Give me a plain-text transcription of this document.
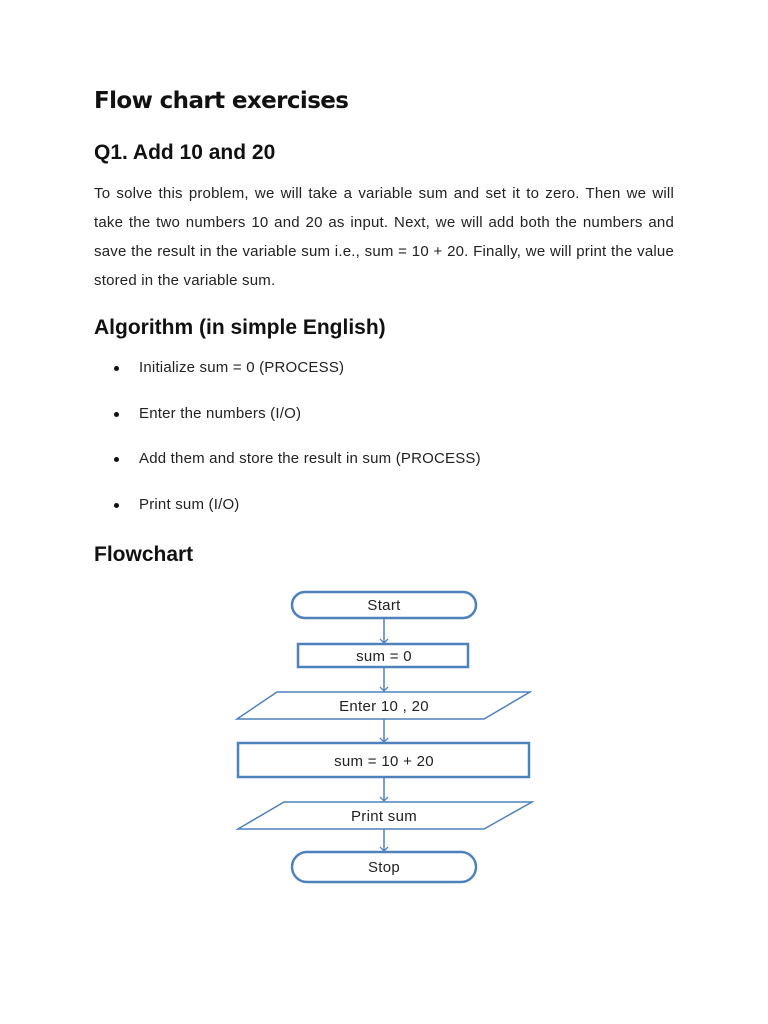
Flow chart exercises
Q1. Add 10 and 20

To solve this problem, we will take a variable sum and set it to zero. Then we will take the two numbers 10 and 20 as input. Next, we will add both the numbers and save the result in the variable sum i.e., sum = 10 + 20. Finally, we will print the value stored in the variable sum.

Algorithm (in simple English)
Initialize sum = 0 (PROCESS)
Enter the numbers (I/O)
Add them and store the result in sum (PROCESS)
Print sum (I/O)
Flowchart
Start
sum = 0
Enter 10 , 20
sum = 10 + 20
Print sum
Stop
